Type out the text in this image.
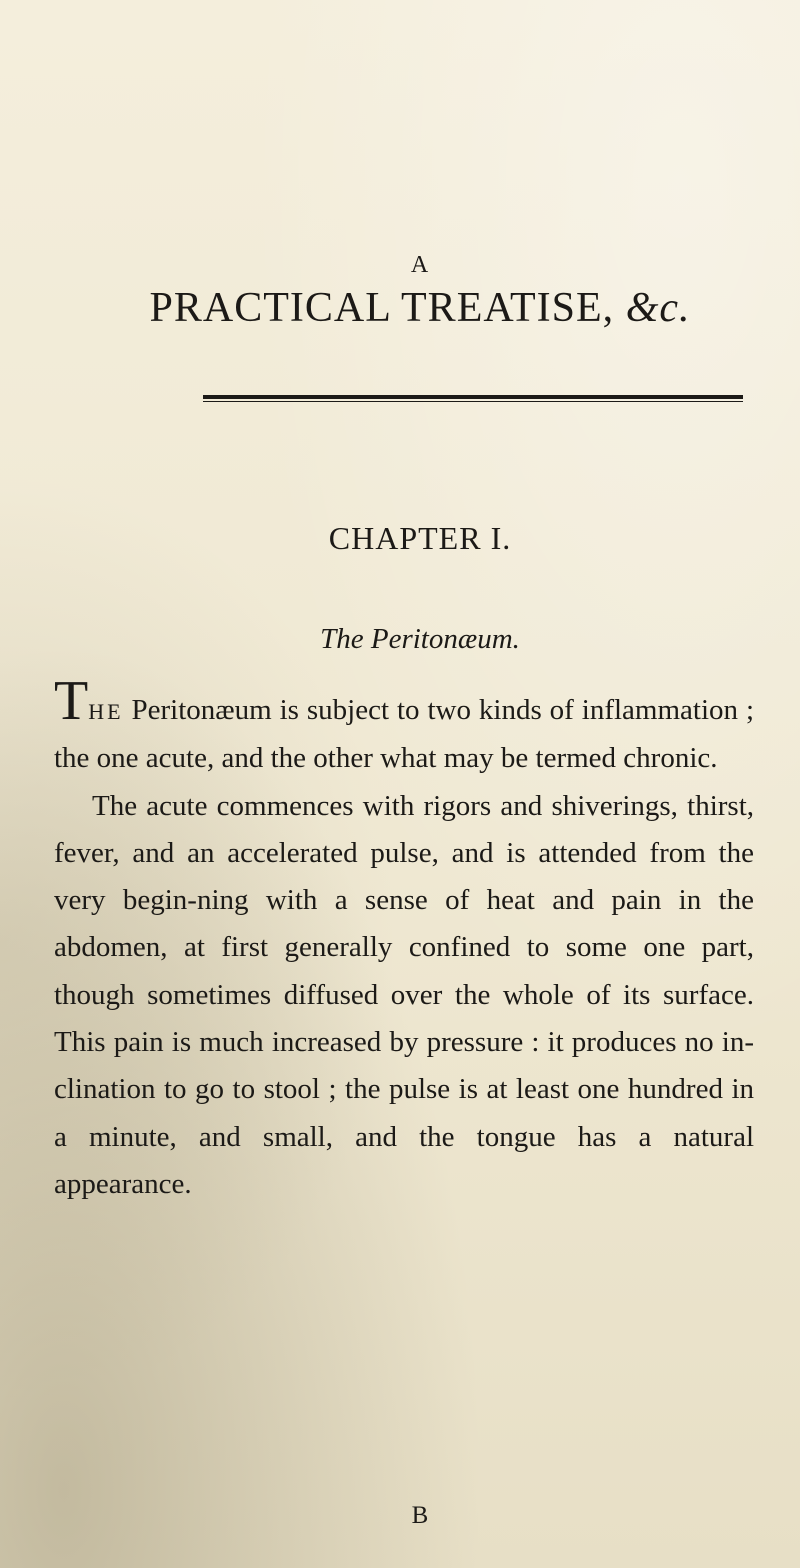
A
PRACTICAL TREATISE, &c.
CHAPTER I.
The Peritonæum.
THE Peritonæum is subject to two kinds of inflammation ; the one acute, and the other what may be termed chronic.
The acute commences with rigors and shiverings, thirst, fever, and an accelerated pulse, and is attended from the very begin-ning with a sense of heat and pain in the abdomen, at first generally confined to some one part, though sometimes diffused over the whole of its surface. This pain is much increased by pressure : it produces no in-clination to go to stool ; the pulse is at least one hundred in a minute, and small, and the tongue has a natural appearance.
B
